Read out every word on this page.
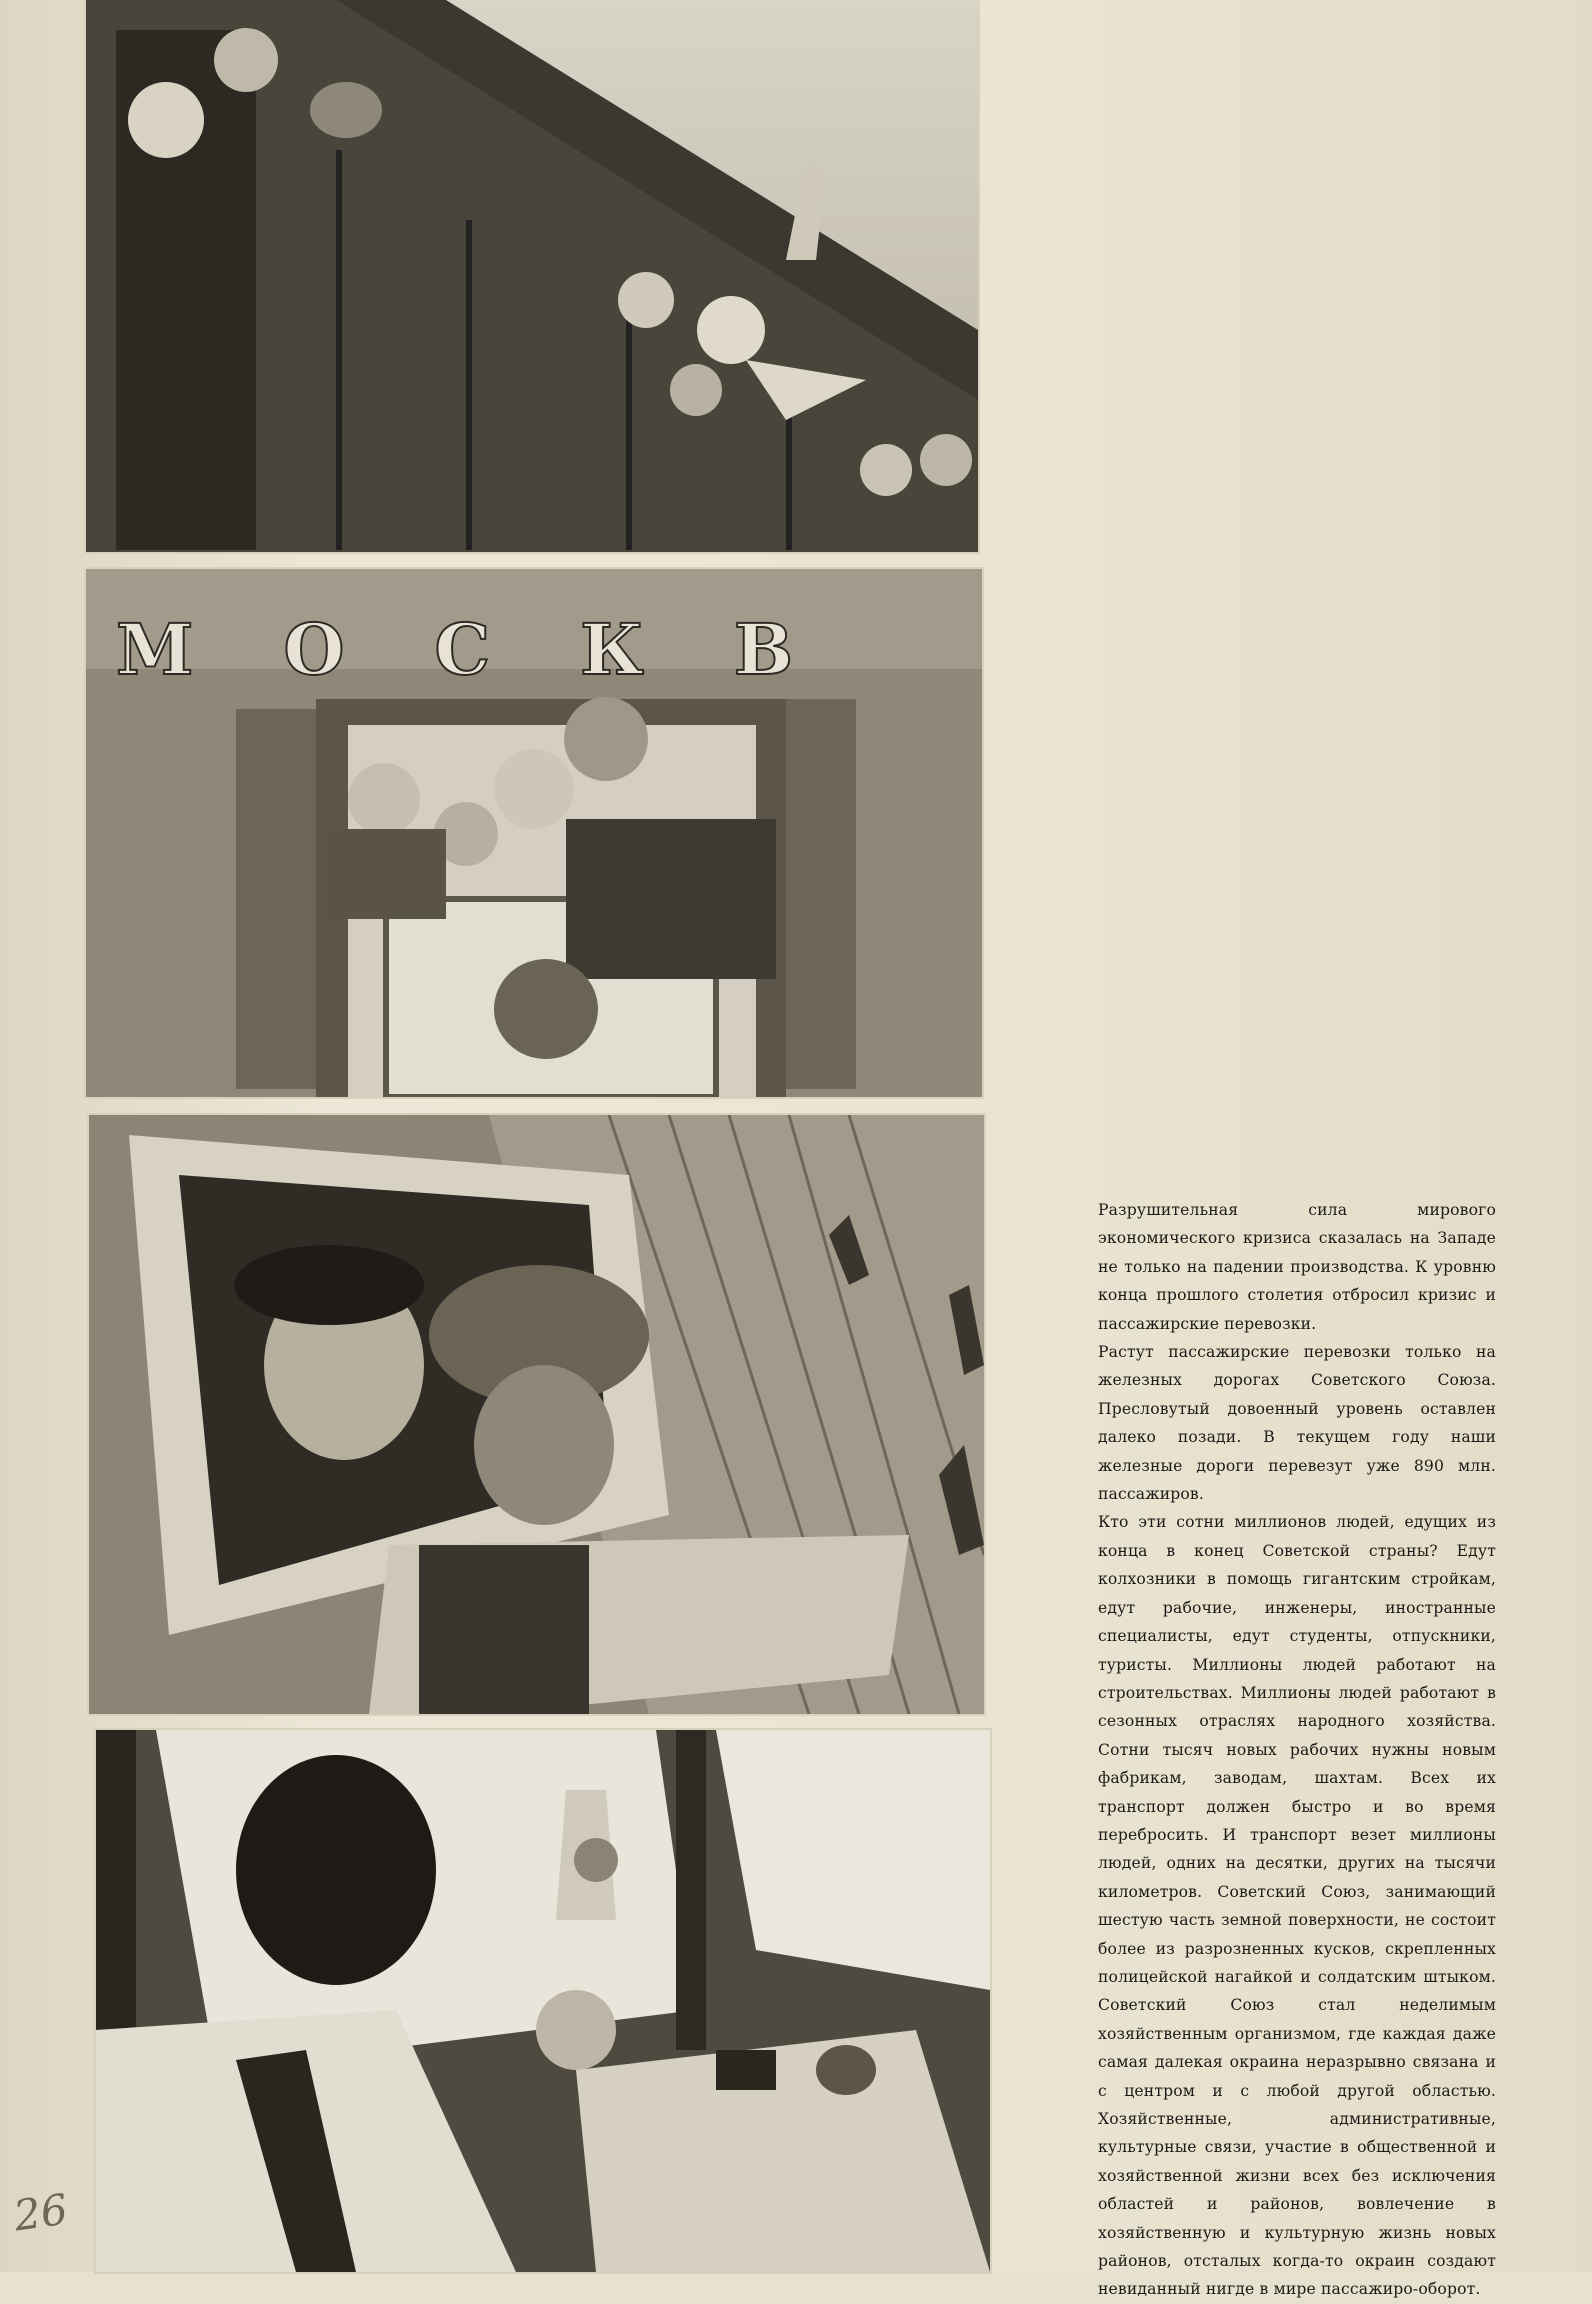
МОСКВ

Разрушительная сила мирового экономического кризиса сказалась на Западе не только на падении производства. К уровню конца прошлого столетия отбросил кризис и пассажирские перевозки.

Растут пассажирские перевозки только на железных дорогах Советского Союза. Пресловутый довоенный уровень оставлен далеко позади. В текущем году наши железные дороги перевезут уже 890 млн. пассажиров.

Кто эти сотни миллионов людей, едущих из конца в конец Советской страны? Едут колхозники в помощь гигантским стройкам, едут рабочие, инженеры, иностранные специалисты, едут студенты, отпускники, туристы. Миллионы людей работают на строительствах. Миллионы людей работают в сезонных отраслях народного хозяйства. Сотни тысяч новых рабочих нужны новым фабрикам, заводам, шахтам. Всех их транспорт должен быстро и во время перебросить. И транспорт везет миллионы людей, одних на десятки, других на тысячи километров. Советский Союз, занимающий шестую часть земной поверхности, не состоит более из разрозненных кусков, скрепленных полицейской нагайкой и солдатским штыком. Советский Союз стал неделимым хозяйственным организмом, где каждая даже самая далекая окраина неразрывно связана и с центром и с любой другой областью. Хозяйственные, административные, культурные связи, участие в общественной и хозяйственной жизни всех без исключения областей и районов, вовлечение в хозяйственную и культурную жизнь новых районов, отсталых когда-то окраин создают невиданный нигде в мире пассажиро-оборот.

26
